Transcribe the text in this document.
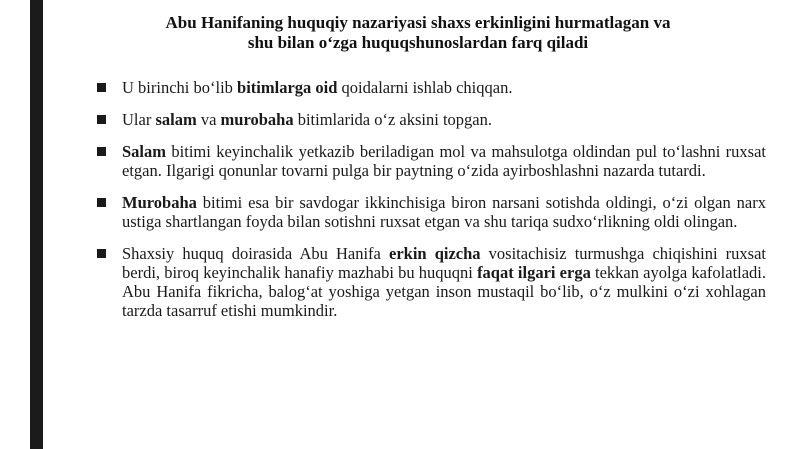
Abu Hanifaning huquqiy nazariyasi shaxs erkinligini hurmatlagan va
shu bilan o‘zga huquqshunoslardan farq qiladi
U birinchi bo‘lib bitimlarga oid qoidalarni ishlab chiqqan.
Ular salam va murobaha bitimlarida o‘z aksini topgan.
Salam bitimi keyinchalik yetkazib beriladigan mol va mahsulotga oldindan pul to‘lashni ruxsat etgan. Ilgarigi qonunlar tovarni pulga bir paytning o‘zida ayirboshlashni nazarda tutardi.
Murobaha bitimi esa bir savdogar ikkinchisiga biron narsani sotishda oldingi, o‘zi olgan narx ustiga shartlangan foyda bilan sotishni ruxsat etgan va shu tariqa sudxo‘rlikning oldi olingan.
Shaxsiy huquq doirasida Abu Hanifa erkin qizcha vositachisiz turmushga chiqishini ruxsat berdi, biroq keyinchalik hanafiy mazhabi bu huquqni faqat ilgari erga tekkan ayolga kafolatladi. Abu Hanifa fikricha, balog‘at yoshiga yetgan inson mustaqil bo‘lib, o‘z mulkini o‘zi xohlagan tarzda tasarruf etishi mumkindir.
